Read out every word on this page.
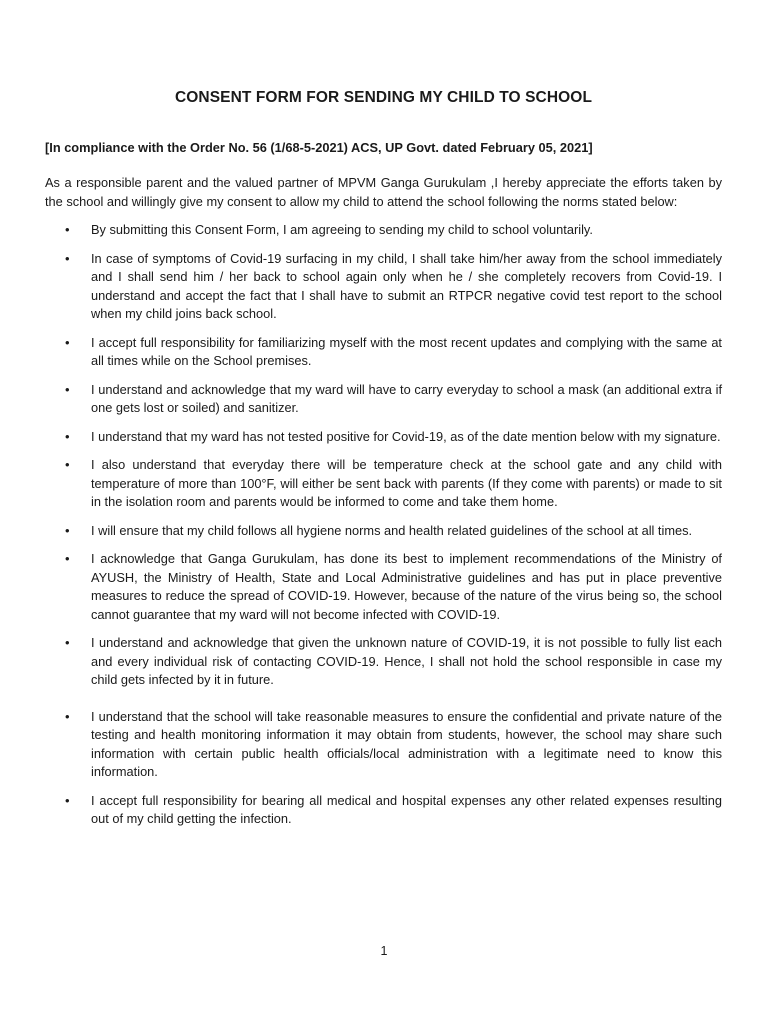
CONSENT FORM FOR SENDING MY CHILD TO SCHOOL

[In compliance with the Order No. 56 (1/68-5-2021) ACS, UP Govt. dated February 05, 2021]

As a responsible parent and the valued partner of MPVM Ganga Gurukulam ,I hereby appreciate the efforts taken by the school and willingly give my consent to allow my child to attend the school following the norms stated below:

• By submitting this Consent Form, I am agreeing to sending my child to school voluntarily.
• In case of symptoms of Covid-19 surfacing in my child, I shall take him/her away from the school immediately and I shall send him / her back to school again only when he / she completely recovers from Covid-19. I understand and accept the fact that I shall have to submit an RTPCR negative covid test report to the school when my child joins back school.
• I accept full responsibility for familiarizing myself with the most recent updates and complying with the same at all times while on the School premises.
• I understand and acknowledge that my ward will have to carry everyday to school a mask (an additional extra if one gets lost or soiled) and sanitizer.
• I understand that my ward has not tested positive for Covid-19, as of the date mention below with my signature.
• I also understand that everyday there will be temperature check at the school gate and any child with temperature of more than 100°F, will either be sent back with parents (If they come with parents) or made to sit in the isolation room and parents would be informed to come and take them home.
• I will ensure that my child follows all hygiene norms and health related guidelines of the school at all times.
• I acknowledge that Ganga Gurukulam, has done its best to implement recommendations of the Ministry of AYUSH, the Ministry of Health, State and Local Administrative guidelines and has put in place preventive measures to reduce the spread of COVID-19. However, because of the nature of the virus being so, the school cannot guarantee that my ward will not become infected with COVID-19.
• I understand and acknowledge that given the unknown nature of COVID-19, it is not possible to fully list each and every individual risk of contacting COVID-19. Hence, I shall not hold the school responsible in case my child gets infected by it in future.
• I understand that the school will take reasonable measures to ensure the confidential and private nature of the testing and health monitoring information it may obtain from students, however, the school may share such information with certain public health officials/local administration with a legitimate need to know this information.
• I accept full responsibility for bearing all medical and hospital expenses any other related expenses resulting out of my child getting the infection.
1
